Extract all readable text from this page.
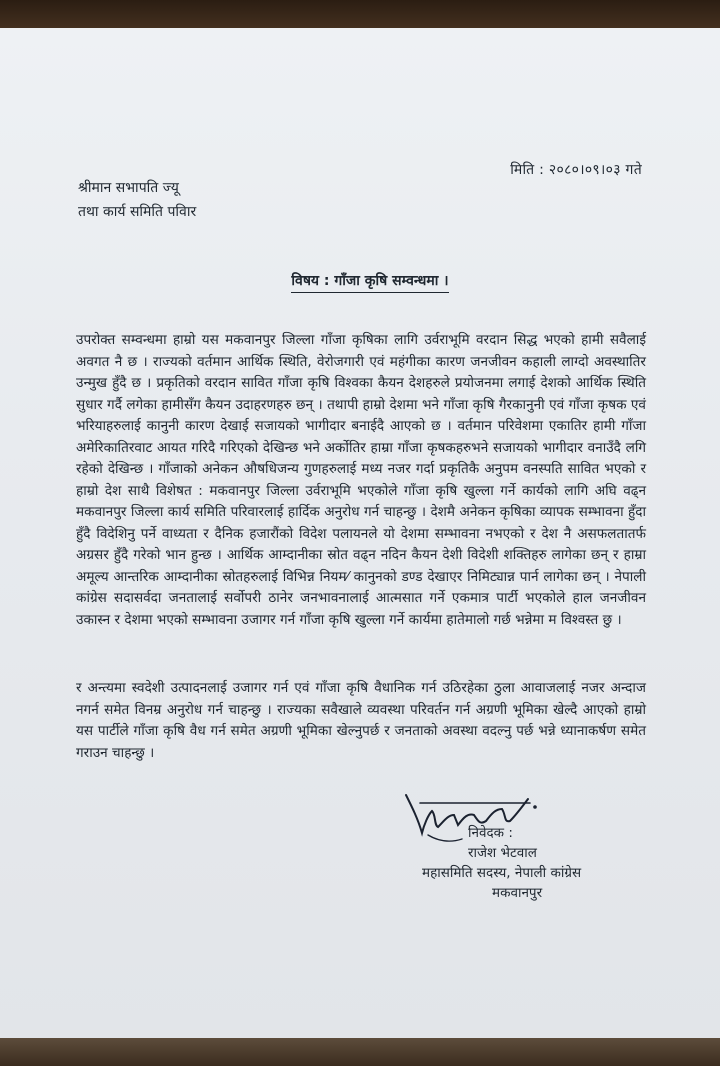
मिति : २०८०।०९।०३ गते
श्रीमान सभापति ज्यू
तथा कार्य समिति पविार
विषय : गाँजा कृषि सम्वन्धमा ।

उपरोक्त सम्वन्धमा हाम्रो यस मकवानपुर जिल्ला गाँजा कृषिका लागि उर्वराभूमि वरदान सिद्ध भएको हामी सवैलाई अवगत नै छ । राज्यको वर्तमान आर्थिक स्थिति, वेरोजगारी एवं महंगीका कारण जनजीवन कहाली लाग्दो अवस्थातिर उन्मुख हुँदै छ । प्रकृतिको वरदान सावित गाँजा कृषि विश्वका कैयन देशहरुले प्रयोजनमा लगाई देशको आर्थिक स्थिति सुधार गर्दै लगेका हामीसँग कैयन उदाहरणहरु छन् । तथापी हाम्रो देशमा भने गाँजा कृषि गैरकानुनी एवं गाँजा कृषक एवं भरियाहरुलाई कानुनी कारण देखाई सजायको भागीदार बनाईदै आएको छ । वर्तमान परिवेशमा एकातिर हामी गाँजा अमेरिकातिरवाट आयत गरिदै गरिएको देखिन्छ भने अर्कोतिर हाम्रा गाँजा कृषकहरुभने सजायको भागीदार वनाउँदै लगि रहेको देखिन्छ । गाँजाको अनेकन औषधिजन्य गुणहरुलाई मध्य नजर गर्दा प्रकृतिकै अनुपम वनस्पति सावित भएको र हाम्रो देश साथै विशेषत : मकवानपुर जिल्ला उर्वराभूमि भएकोले गाँजा कृषि खुल्ला गर्ने कार्यको लागि अघि वढ्न मकवानपुर जिल्ला कार्य समिति परिवारलाई हार्दिक अनुरोध गर्न चाहन्छु । देशमै अनेकन कृषिका व्यापक सम्भावना हुँदा हुँदै विदेशिनु पर्ने वाध्यता र दैनिक हजारौंको विदेश पलायनले यो देशमा सम्भावना नभएको र देश नै असफलतातर्फ अग्रसर हुँदै गरेको भान हुन्छ । आर्थिक आम्दानीका स्रोत वढ्न नदिन कैयन देशी विदेशी शक्तिहरु लागेका छन् र हाम्रा अमूल्य आन्तरिक आम्दानीका स्रोतहरुलाई विभिन्न नियम⁄ कानुनको डण्ड देखाएर निमिट्यान्न पार्न लागेका छन् । नेपाली कांग्रेस सदासर्वदा जनतालाई सर्वोपरी ठानेर जनभावनालाई आत्मसात गर्ने एकमात्र पार्टी भएकोले हाल जनजीवन उकास्न र देशमा भएको सम्भावना उजागर गर्न गाँजा कृषि खुल्ला गर्ने कार्यमा हातेमालो गर्छ भन्नेमा म विश्वस्त छु ।

र अन्त्यमा स्वदेशी उत्पादनलाई उजागर गर्न एवं गाँजा कृषि वैधानिक गर्न उठिरहेका ठुला आवाजलाई नजर अन्दाज नगर्न समेत विनम्र अनुरोध गर्न चाहन्छु । राज्यका सवैखाले व्यवस्था परिवर्तन गर्न अग्रणी भूमिका खेल्दै आएको हाम्रो यस पार्टीले गाँजा कृषि वैध गर्न समेत अग्रणी भूमिका खेल्नुपर्छ र जनताको अवस्था वदल्नु पर्छ भन्ने ध्यानाकर्षण समेत गराउन चाहन्छु ।

निवेदक :
राजेश भेटवाल
महासमिति सदस्य, नेपाली कांग्रेस
मकवानपुर
